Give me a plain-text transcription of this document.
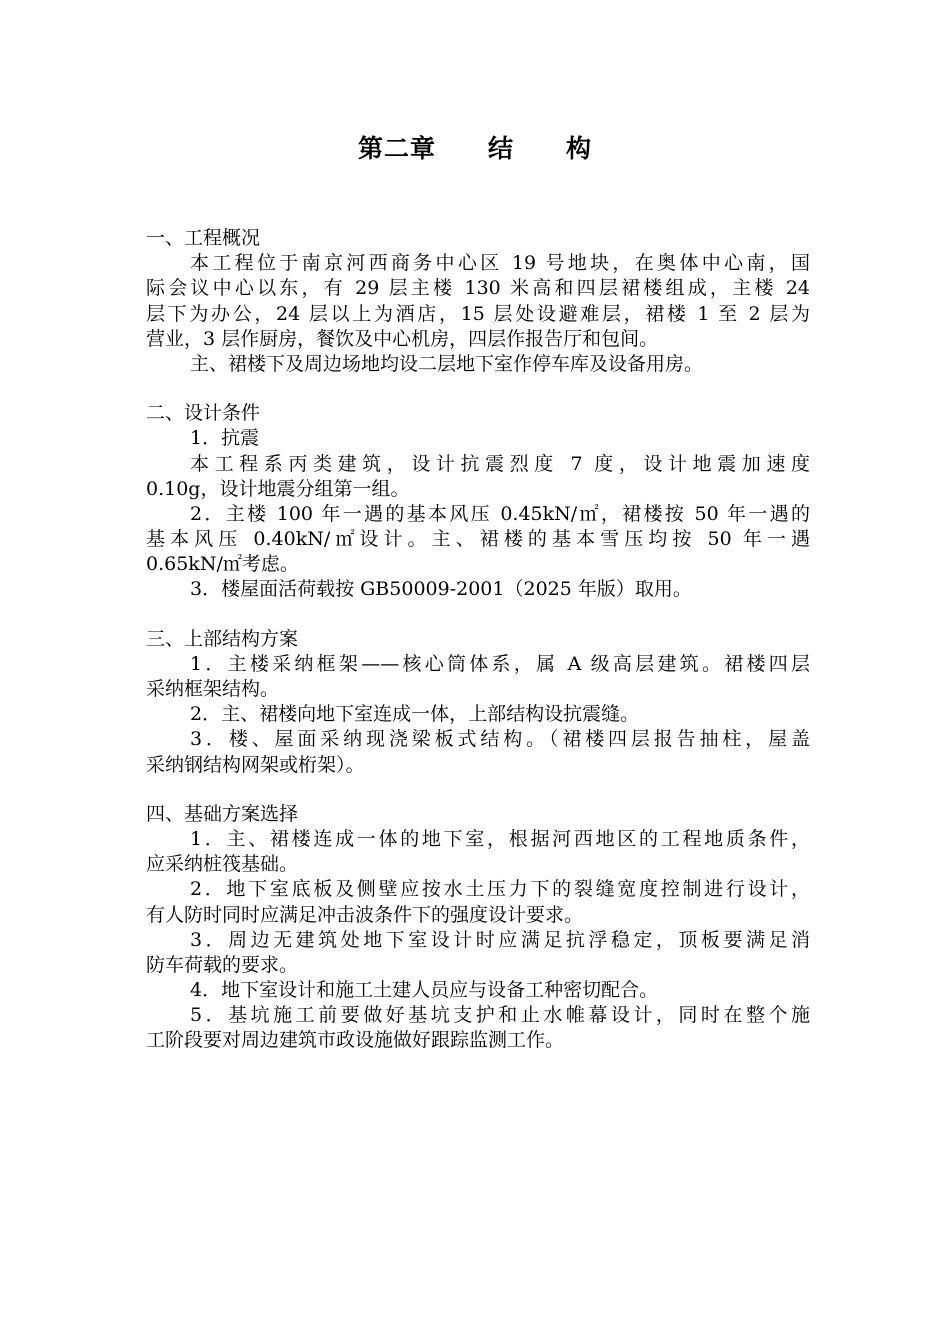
第二章　　结　　构
一、工程概况
本工程位于南京河西商务中心区 19 号地块，在奥体中心南，国
际会议中心以东，有 29 层主楼 130 米高和四层裙楼组成，主楼 24
层下为办公，24 层以上为酒店，15 层处设避难层，裙楼 1 至 2 层为
营业，3 层作厨房，餐饮及中心机房，四层作报告厅和包间。
主、裙楼下及周边场地均设二层地下室作停车库及设备用房。
二、设计条件
1．抗震
本工程系丙类建筑，设计抗震烈度 7 度，设计地震加速度
0.10g，设计地震分组第一组。
2．主楼 100 年一遇的基本风压 0.45kN/㎡，裙楼按 50 年一遇的
基本风压 0.40kN/㎡设计。主、裙楼的基本雪压均按 50 年一遇
0.65kN/㎡考虑。
3．楼屋面活荷载按 GB50009-2001（2025 年版）取用。
三、上部结构方案
1．主楼采纳框架——核心筒体系，属 A 级高层建筑。裙楼四层
采纳框架结构。
2．主、裙楼向地下室连成一体，上部结构设抗震缝。
3．楼、屋面采纳现浇梁板式结构。（裙楼四层报告抽柱，屋盖
采纳钢结构网架或桁架）。
四、基础方案选择
1．主、裙楼连成一体的地下室，根据河西地区的工程地质条件，
应采纳桩筏基础。
2．地下室底板及侧壁应按水土压力下的裂缝宽度控制进行设计，
有人防时同时应满足冲击波条件下的强度设计要求。
3．周边无建筑处地下室设计时应满足抗浮稳定，顶板要满足消
防车荷载的要求。
4．地下室设计和施工土建人员应与设备工种密切配合。
5．基坑施工前要做好基坑支护和止水帷幕设计，同时在整个施
工阶段要对周边建筑市政设施做好跟踪监测工作。
